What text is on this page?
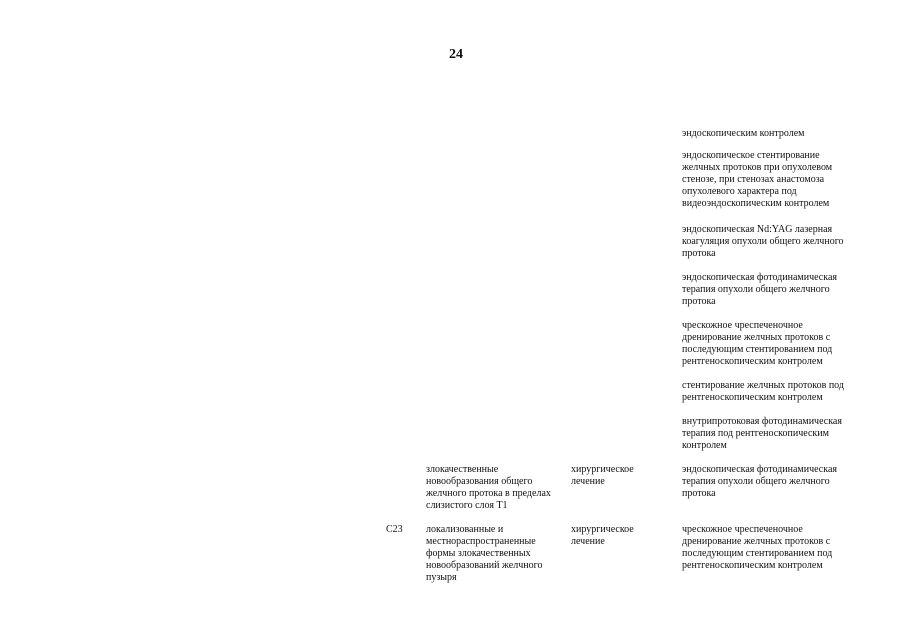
24
эндоскопическим контролем
эндоскопическое стентирование
желчных протоков при опухолевом
стенозе, при стенозах анастомоза
опухолевого характера под
видеоэндоскопическим контролем
эндоскопическая Nd:YAG лазерная
коагуляция опухоли общего желчного
протока
эндоскопическая фотодинамическая
терапия опухоли общего желчного
протока
чрескожное чреспеченочное
дренирование желчных протоков с
последующим стентированием под
рентгеноскопическим контролем
стентирование желчных протоков под
рентгеноскопическим контролем
внутрипротоковая фотодинамическая
терапия под рентгеноскопическим
контролем
злокачественные
новообразования общего
желчного протока в пределах
слизистого слоя T1
хирургическое
лечение
эндоскопическая фотодинамическая
терапия опухоли общего желчного
протока
C23 локализованные и
местнораспространенные
формы злокачественных
новообразований желчного
пузыря
хирургическое
лечение
чрескожное чреспеченочное
дренирование желчных протоков с
последующим стентированием под
рентгеноскопическим контролем
